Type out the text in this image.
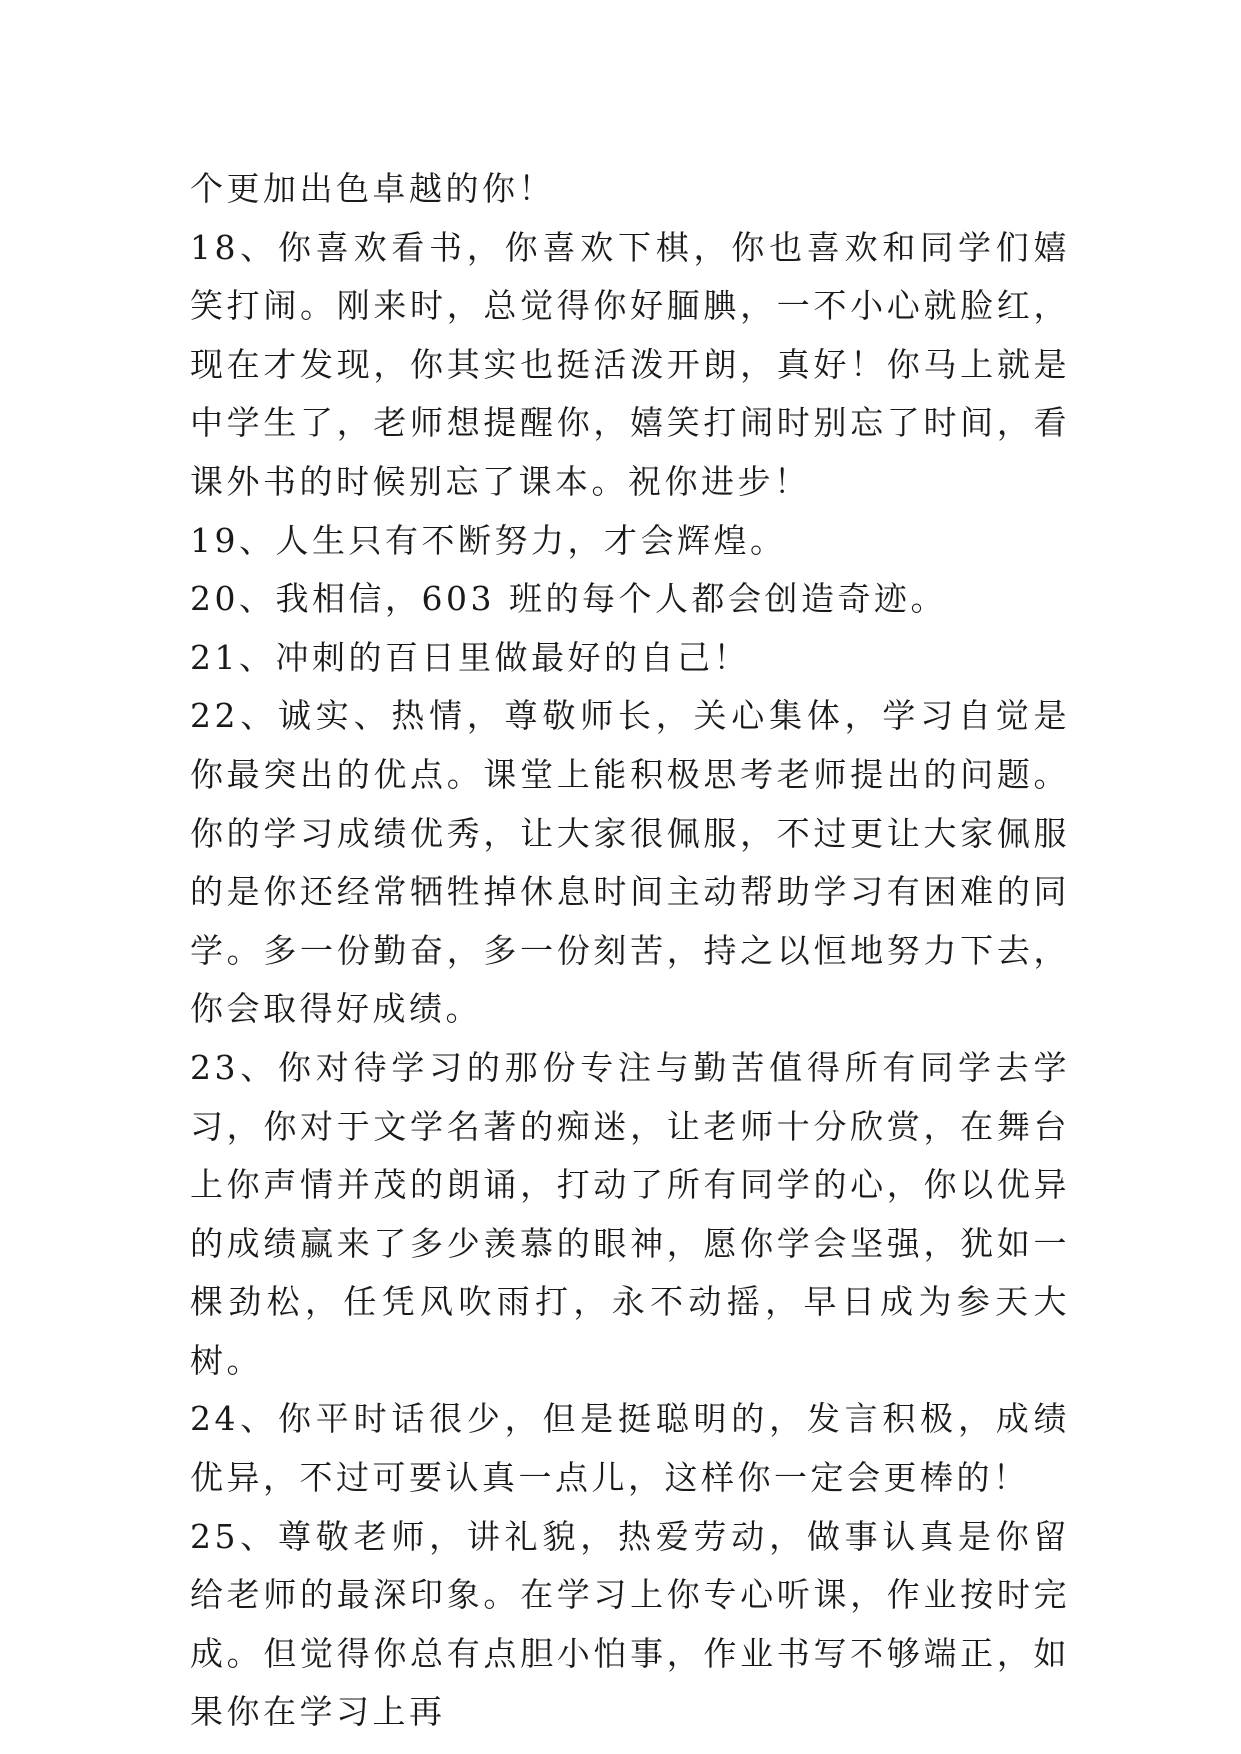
个更加出色卓越的你！

18、你喜欢看书，你喜欢下棋，你也喜欢和同学们嬉笑打闹。刚来时，总觉得你好腼腆，一不小心就脸红，现在才发现，你其实也挺活泼开朗，真好！你马上就是中学生了，老师想提醒你，嬉笑打闹时别忘了时间，看课外书的时候别忘了课本。祝你进步！

19、人生只有不断努力，才会辉煌。

20、我相信，603 班的每个人都会创造奇迹。

21、冲刺的百日里做最好的自己！

22、诚实、热情，尊敬师长，关心集体，学习自觉是你最突出的优点。课堂上能积极思考老师提出的问题。你的学习成绩优秀，让大家很佩服，不过更让大家佩服的是你还经常牺牲掉休息时间主动帮助学习有困难的同学。多一份勤奋，多一份刻苦，持之以恒地努力下去，你会取得好成绩。

23、你对待学习的那份专注与勤苦值得所有同学去学习，你对于文学名著的痴迷，让老师十分欣赏，在舞台上你声情并茂的朗诵，打动了所有同学的心，你以优异的成绩赢来了多少羡慕的眼神，愿你学会坚强，犹如一棵劲松，任凭风吹雨打，永不动摇，早日成为参天大树。

24、你平时话很少，但是挺聪明的，发言积极，成绩优异，不过可要认真一点儿，这样你一定会更棒的！

25、尊敬老师，讲礼貌，热爱劳动，做事认真是你留给老师的最深印象。在学习上你专心听课，作业按时完成。但觉得你总有点胆小怕事，作业书写不够端正，如果你在学习上再
